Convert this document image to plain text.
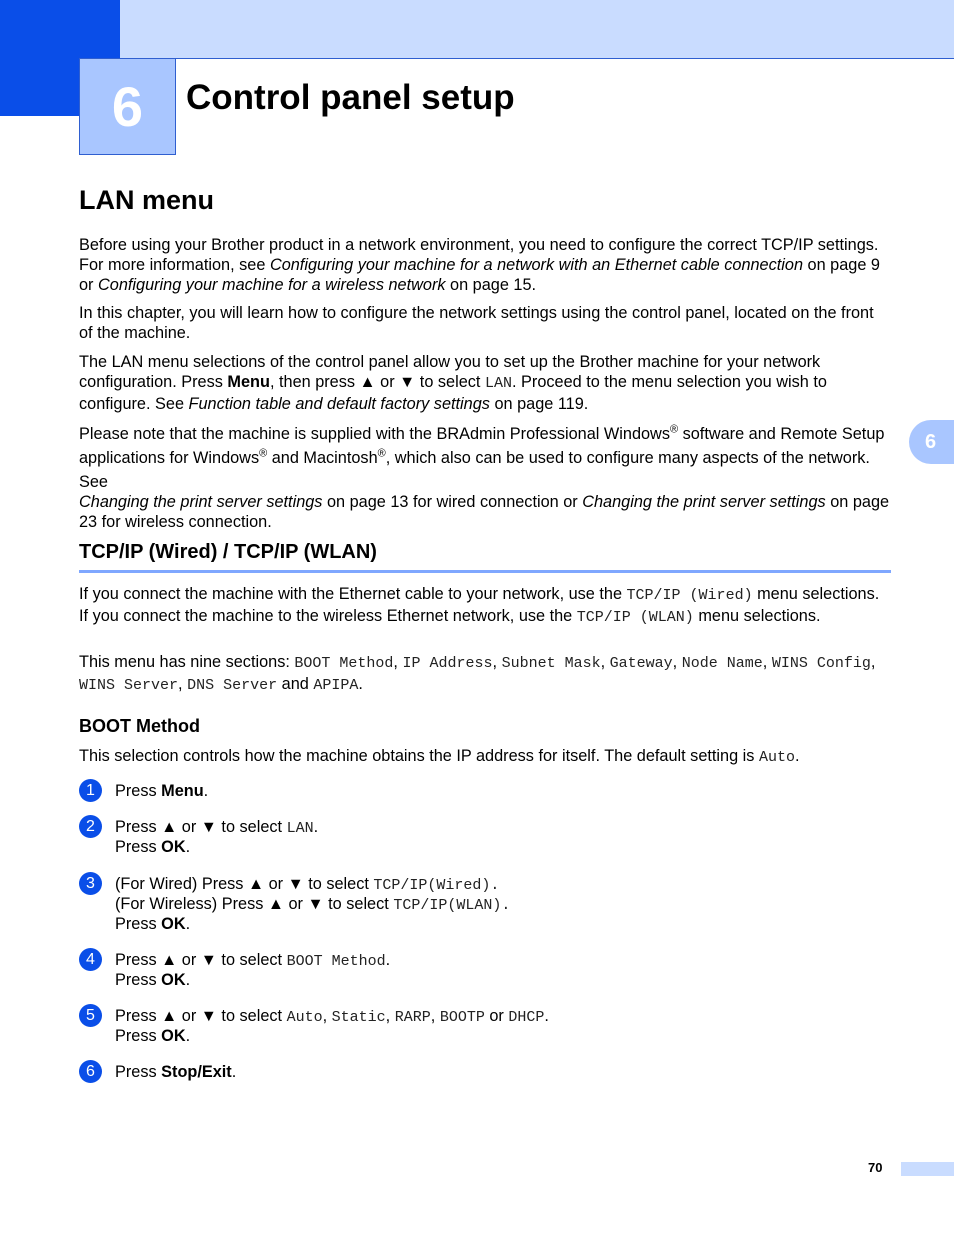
6 Control panel setup
6
LAN menu

Before using your Brother product in a network environment, you need to configure the correct TCP/IP settings. For more information, see Configuring your machine for a network with an Ethernet cable connection on page 9 or Configuring your machine for a wireless network on page 15.

In this chapter, you will learn how to configure the network settings using the control panel, located on the front of the machine.

The LAN menu selections of the control panel allow you to set up the Brother machine for your network configuration. Press Menu, then press ▲ or ▼ to select LAN. Proceed to the menu selection you wish to configure. See Function table and default factory settings on page 119.

Please note that the machine is supplied with the BRAdmin Professional Windows® software and Remote Setup applications for Windows® and Macintosh®, which also can be used to configure many aspects of the network. See

Changing the print server settings on page 13 for wired connection or Changing the print server settings on page 23 for wireless connection.

TCP/IP (Wired) / TCP/IP (WLAN)

If you connect the machine with the Ethernet cable to your network, use the TCP/IP (Wired) menu selections. If you connect the machine to the wireless Ethernet network, use the TCP/IP (WLAN) menu selections.

This menu has nine sections: BOOT Method, IP Address, Subnet Mask, Gateway, Node Name, WINS Config, WINS Server, DNS Server and APIPA.

BOOT Method

This selection controls how the machine obtains the IP address for itself. The default setting is Auto.

1	Press Menu.
2	Press ▲ or ▼ to select LAN.
Press OK.
3	(For Wired) Press ▲ or ▼ to select TCP/IP(Wired).
(For Wireless) Press ▲ or ▼ to select TCP/IP(WLAN).
Press OK.
4	Press ▲ or ▼ to select BOOT Method.
Press OK.
5	Press ▲ or ▼ to select Auto, Static, RARP, BOOTP or DHCP.
Press OK.
6	Press Stop/Exit.
70
